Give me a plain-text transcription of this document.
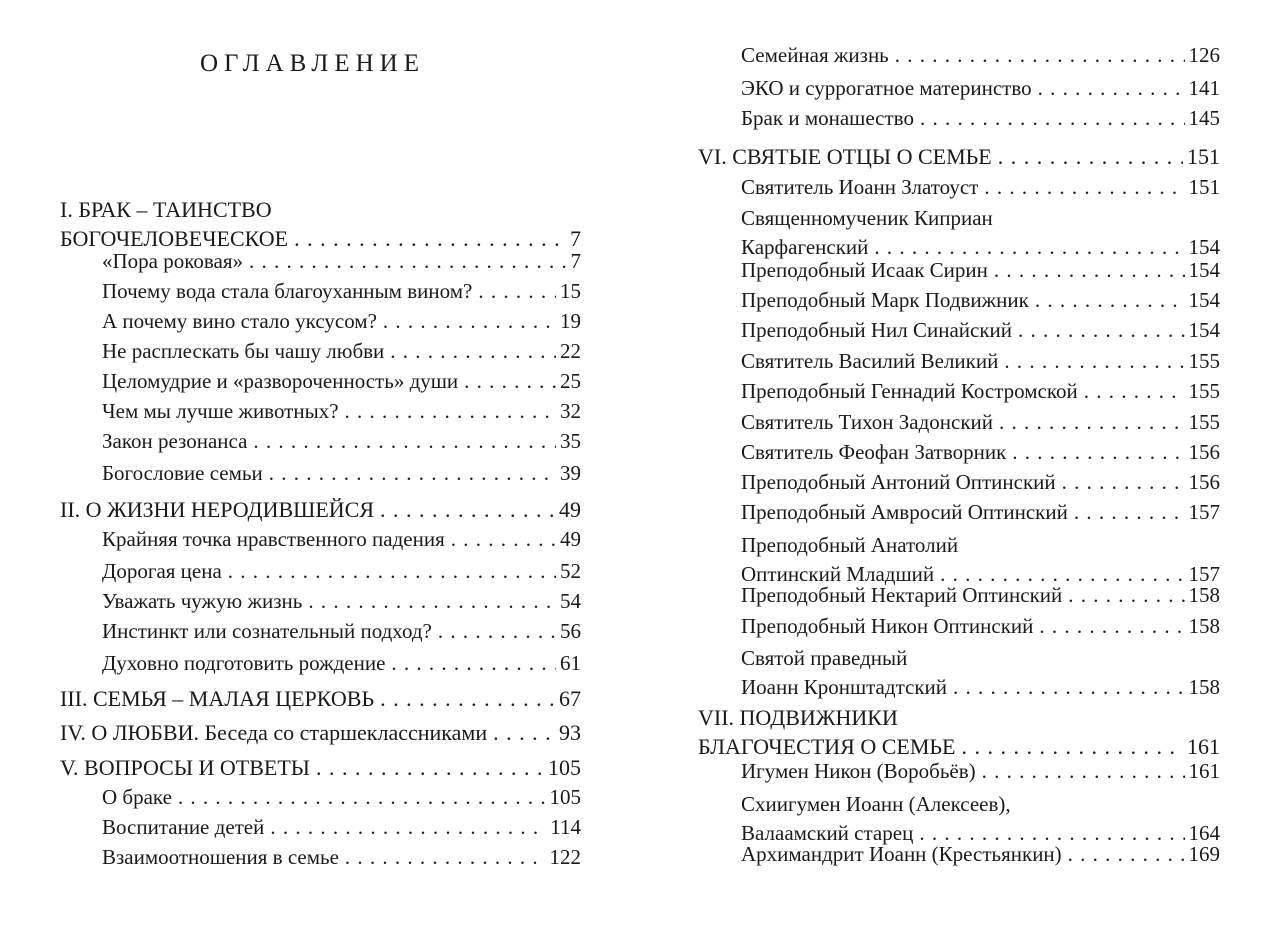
ОГЛАВЛЕНИЕ
I. БРАК – ТАИНСТВО
БОГОЧЕЛОВЕЧЕСКОЕ . . .	7
«Пора роковая» . . .	7
Почему вода стала благоуханным вином? . . .	15
А почему вино стало уксусом? . . .	19
Не расплескать бы чашу любви . . .	22
Целомудрие и «развороченность» души . . .	25
Чем мы лучше животных? . . .	32
Закон резонанса . . .	35
Богословие семьи . . .	39
II. О ЖИЗНИ НЕРОДИВШЕЙСЯ . . .	49
Крайняя точка нравственного падения . . .	49
Дорогая цена . . .	52
Уважать чужую жизнь . . .	54
Инстинкт или сознательный подход? . . .	56
Духовно подготовить рождение . . .	61
III. СЕМЬЯ – МАЛАЯ ЦЕРКОВЬ . . .	67
IV. О ЛЮБВИ. Беседа со старшеклассниками . . .	93
V. ВОПРОСЫ И ОТВЕТЫ . . .	105
О браке . . .	105
Воспитание детей . . .	114
Взаимоотношения в семье . . .	122
Семейная жизнь . . .	126
ЭКО и суррогатное материнство . . .	141
Брак и монашество . . .	145
VI. СВЯТЫЕ ОТЦЫ О СЕМЬЕ . . .	151
Святитель Иоанн Златоуст . . .	151
Священномученик Киприан
Карфагенский . . .	154
Преподобный Исаак Сирин . . .	154
Преподобный Марк Подвижник . . .	154
Преподобный Нил Синайский . . .	154
Святитель Василий Великий . . .	155
Преподобный Геннадий Костромской . . .	155
Святитель Тихон Задонский . . .	155
Святитель Феофан Затворник . . .	156
Преподобный Антоний Оптинский . . .	156
Преподобный Амвросий Оптинский . . .	157
Преподобный Анатолий
Оптинский Младший . . .	157
Преподобный Нектарий Оптинский . . .	158
Преподобный Никон Оптинский . . .	158
Святой праведный
Иоанн Кронштадтский . . .	158
VII. ПОДВИЖНИКИ
БЛАГОЧЕСТИЯ О СЕМЬЕ . . .	161
Игумен Никон (Воробьёв) . . .	161
Схиигумен Иоанн (Алексеев),
Валаамский старец . . .	164
Архимандрит Иоанн (Крестьянкин) . . .	169
